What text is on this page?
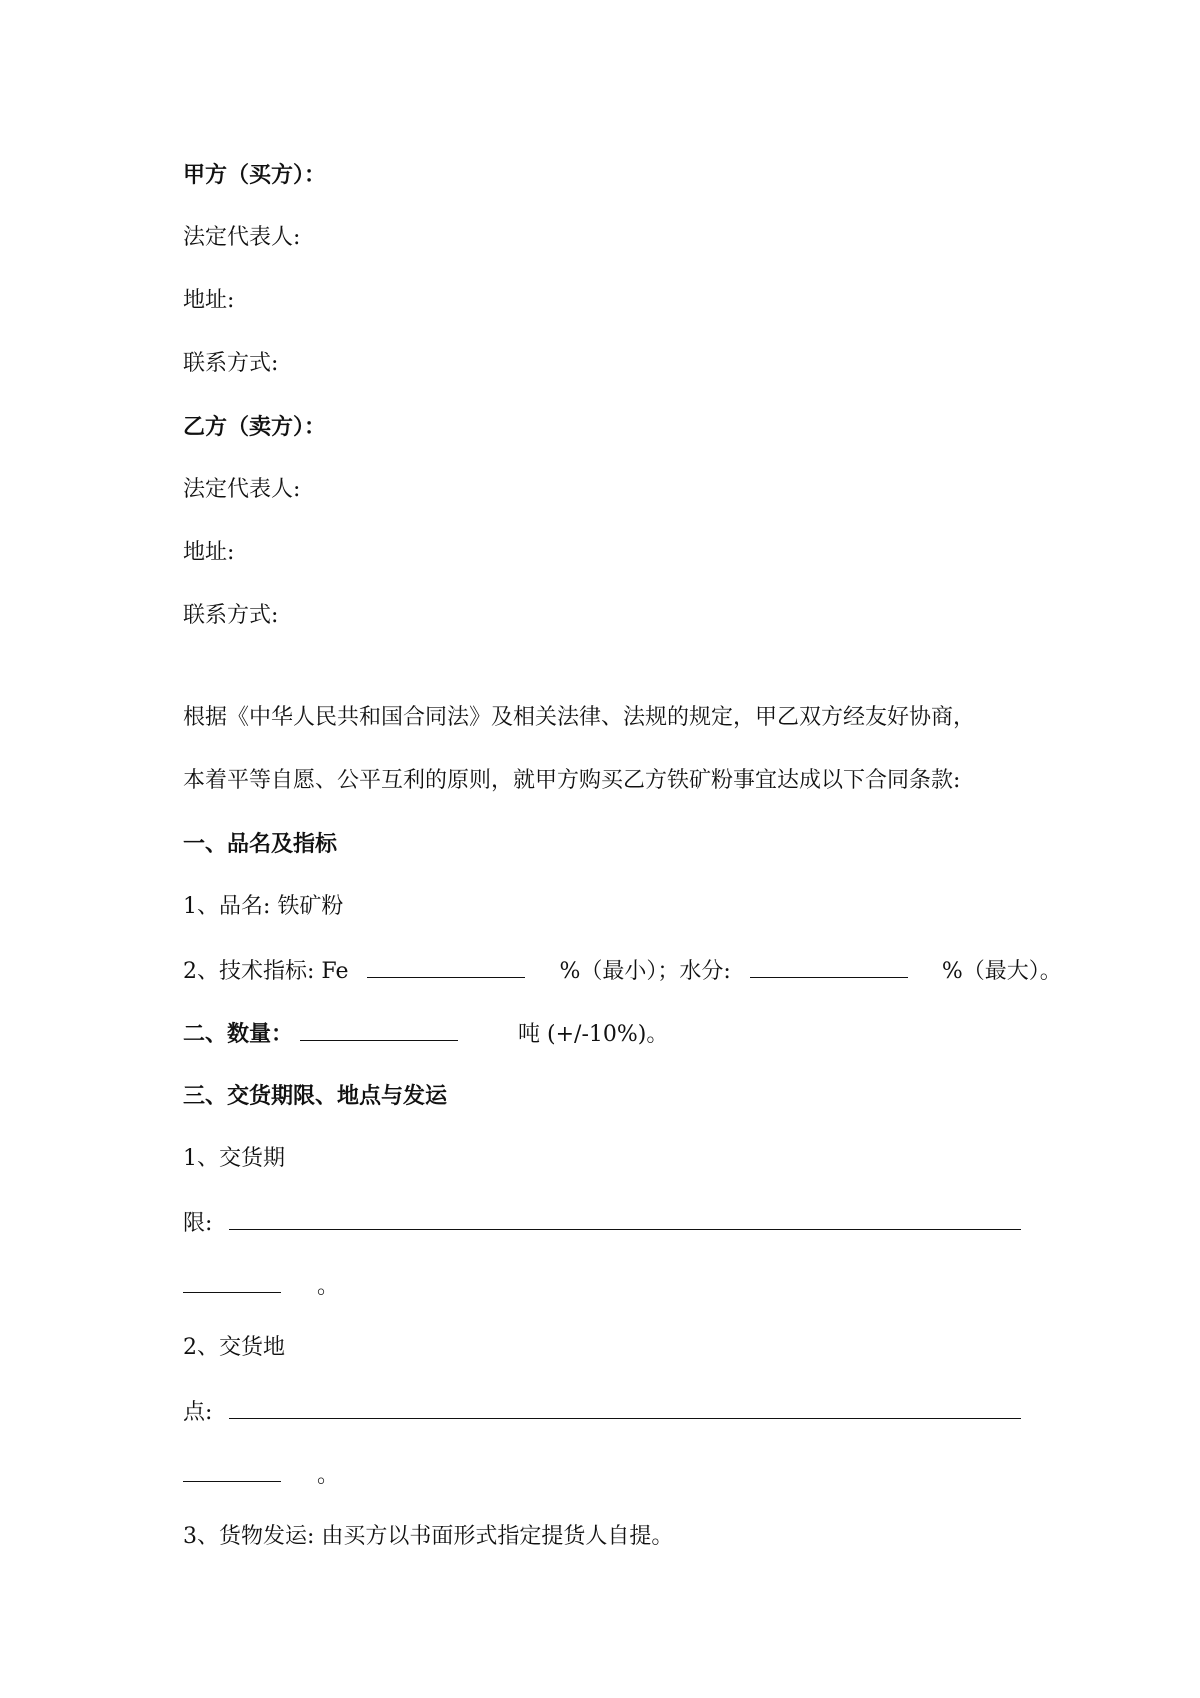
甲方（买方）：
法定代表人:
地址:
联系方式:
乙方（卖方）：
法定代表人:
地址:
联系方式:
根据《中华人民共和国合同法》及相关法律、法规的规定，甲乙双方经友好协商，
本着平等自愿、公平互利的原则，就甲方购买乙方铁矿粉事宜达成以下合同条款:
一、品名及指标
1、品名: 铁矿粉
2、技术指标: Fe	%（最小）；水分:	%（最大）。
二、数量：	吨 (+/-10%)。
三、交货期限、地点与发运
1、交货期
限:
。
2、交货地
点:
。
3、货物发运: 由买方以书面形式指定提货人自提。
